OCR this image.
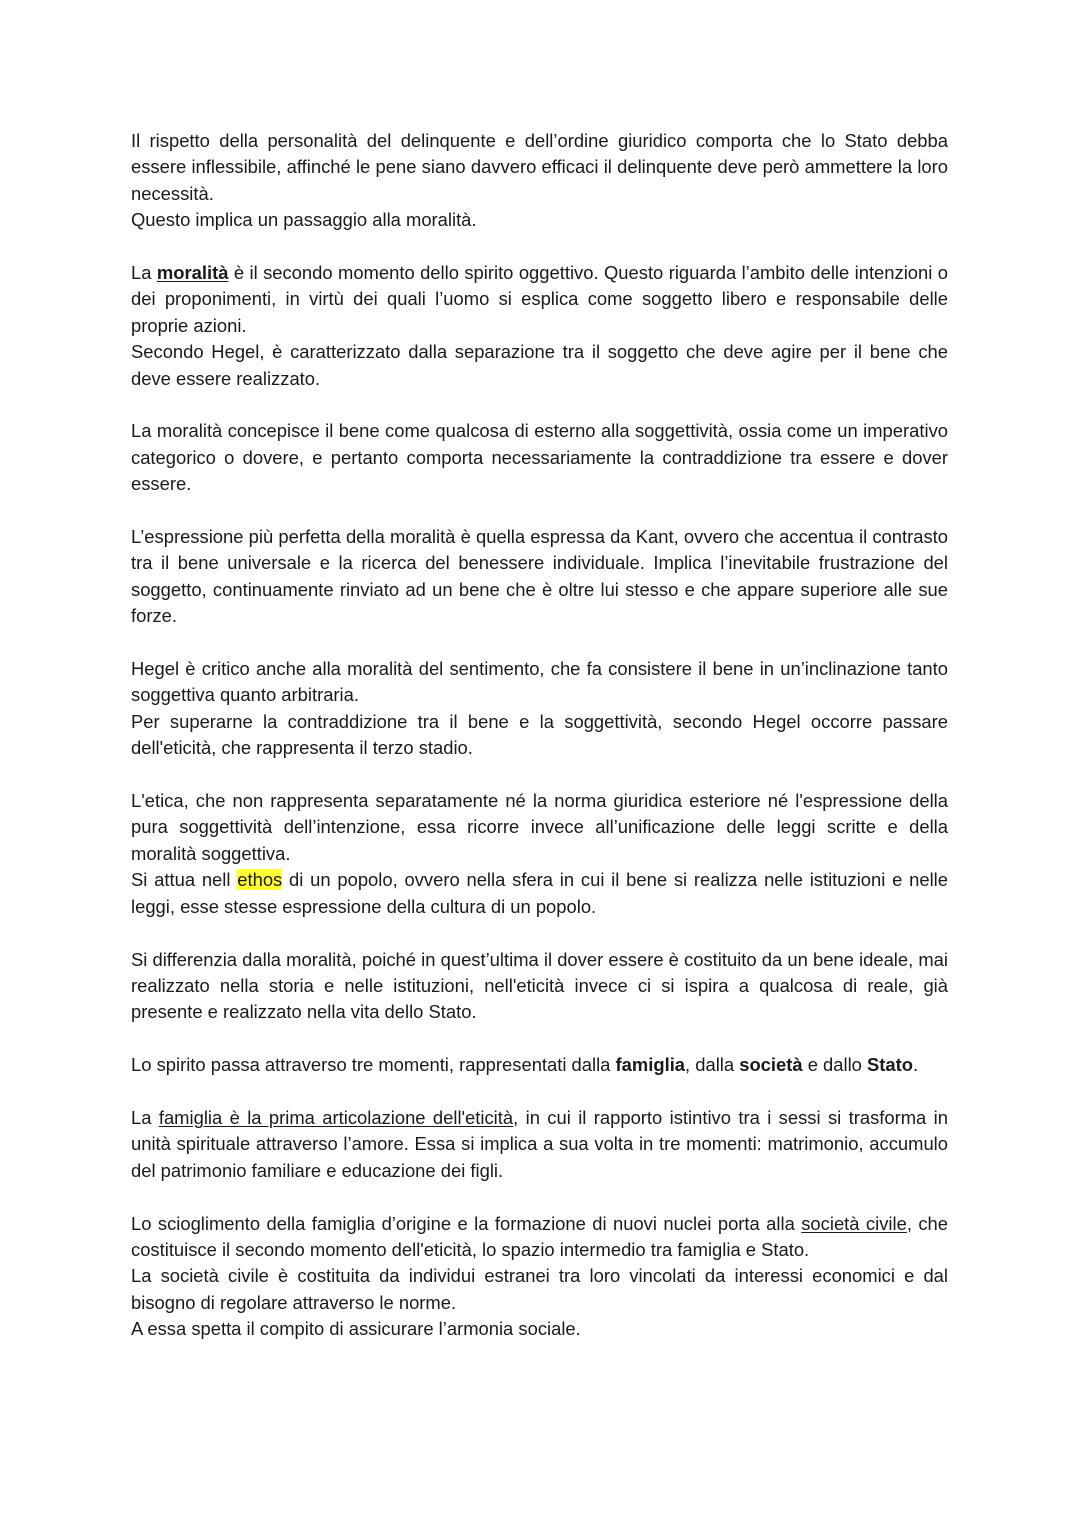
Il rispetto della personalità del delinquente e dell’ordine giuridico comporta che lo Stato debba essere inflessibile, affinché le pene siano davvero efficaci il delinquente deve però ammettere la loro necessità.
Questo implica un passaggio alla moralità.
La moralità è il secondo momento dello spirito oggettivo. Questo riguarda l’ambito delle intenzioni o dei proponimenti, in virtù dei quali l’uomo si esplica come soggetto libero e responsabile delle proprie azioni.
Secondo Hegel, è caratterizzato dalla separazione tra il soggetto che deve agire per il bene che deve essere realizzato.
La moralità concepisce il bene come qualcosa di esterno alla soggettività, ossia come un imperativo categorico o dovere, e pertanto comporta necessariamente la contraddizione tra essere e dover essere.
L’espressione più perfetta della moralità è quella espressa da Kant, ovvero che accentua il contrasto tra il bene universale e la ricerca del benessere individuale. Implica l’inevitabile frustrazione del soggetto, continuamente rinviato ad un bene che è oltre lui stesso e che appare superiore alle sue forze.
Hegel è critico anche alla moralità del sentimento, che fa consistere il bene in un’inclinazione tanto soggettiva quanto arbitraria.
Per superarne la contraddizione tra il bene e la soggettività, secondo Hegel occorre passare dell'eticità, che rappresenta il terzo stadio.
L'etica, che non rappresenta separatamente né la norma giuridica esteriore né l'espressione della pura soggettività dell’intenzione, essa ricorre invece all’unificazione delle leggi scritte e della moralità soggettiva.
Si attua nell ethos di un popolo, ovvero nella sfera in cui il bene si realizza nelle istituzioni e nelle leggi, esse stesse espressione della cultura di un popolo.
Si differenzia dalla moralità, poiché in quest’ultima il dover essere è costituito da un bene ideale, mai realizzato nella storia e nelle istituzioni, nell'eticità invece ci si ispira a qualcosa di reale, già presente e realizzato nella vita dello Stato.
Lo spirito passa attraverso tre momenti, rappresentati dalla famiglia, dalla società e dallo Stato.
La famiglia è la prima articolazione dell'eticità, in cui il rapporto istintivo tra i sessi si trasforma in unità spirituale attraverso l’amore. Essa si implica a sua volta in tre momenti: matrimonio, accumulo del patrimonio familiare e educazione dei figli.
Lo scioglimento della famiglia d’origine e la formazione di nuovi nuclei porta alla società civile, che costituisce il secondo momento dell'eticità, lo spazio intermedio tra famiglia e Stato.
La società civile è costituita da individui estranei tra loro vincolati da interessi economici e dal bisogno di regolare attraverso le norme.
A essa spetta il compito di assicurare l’armonia sociale.
